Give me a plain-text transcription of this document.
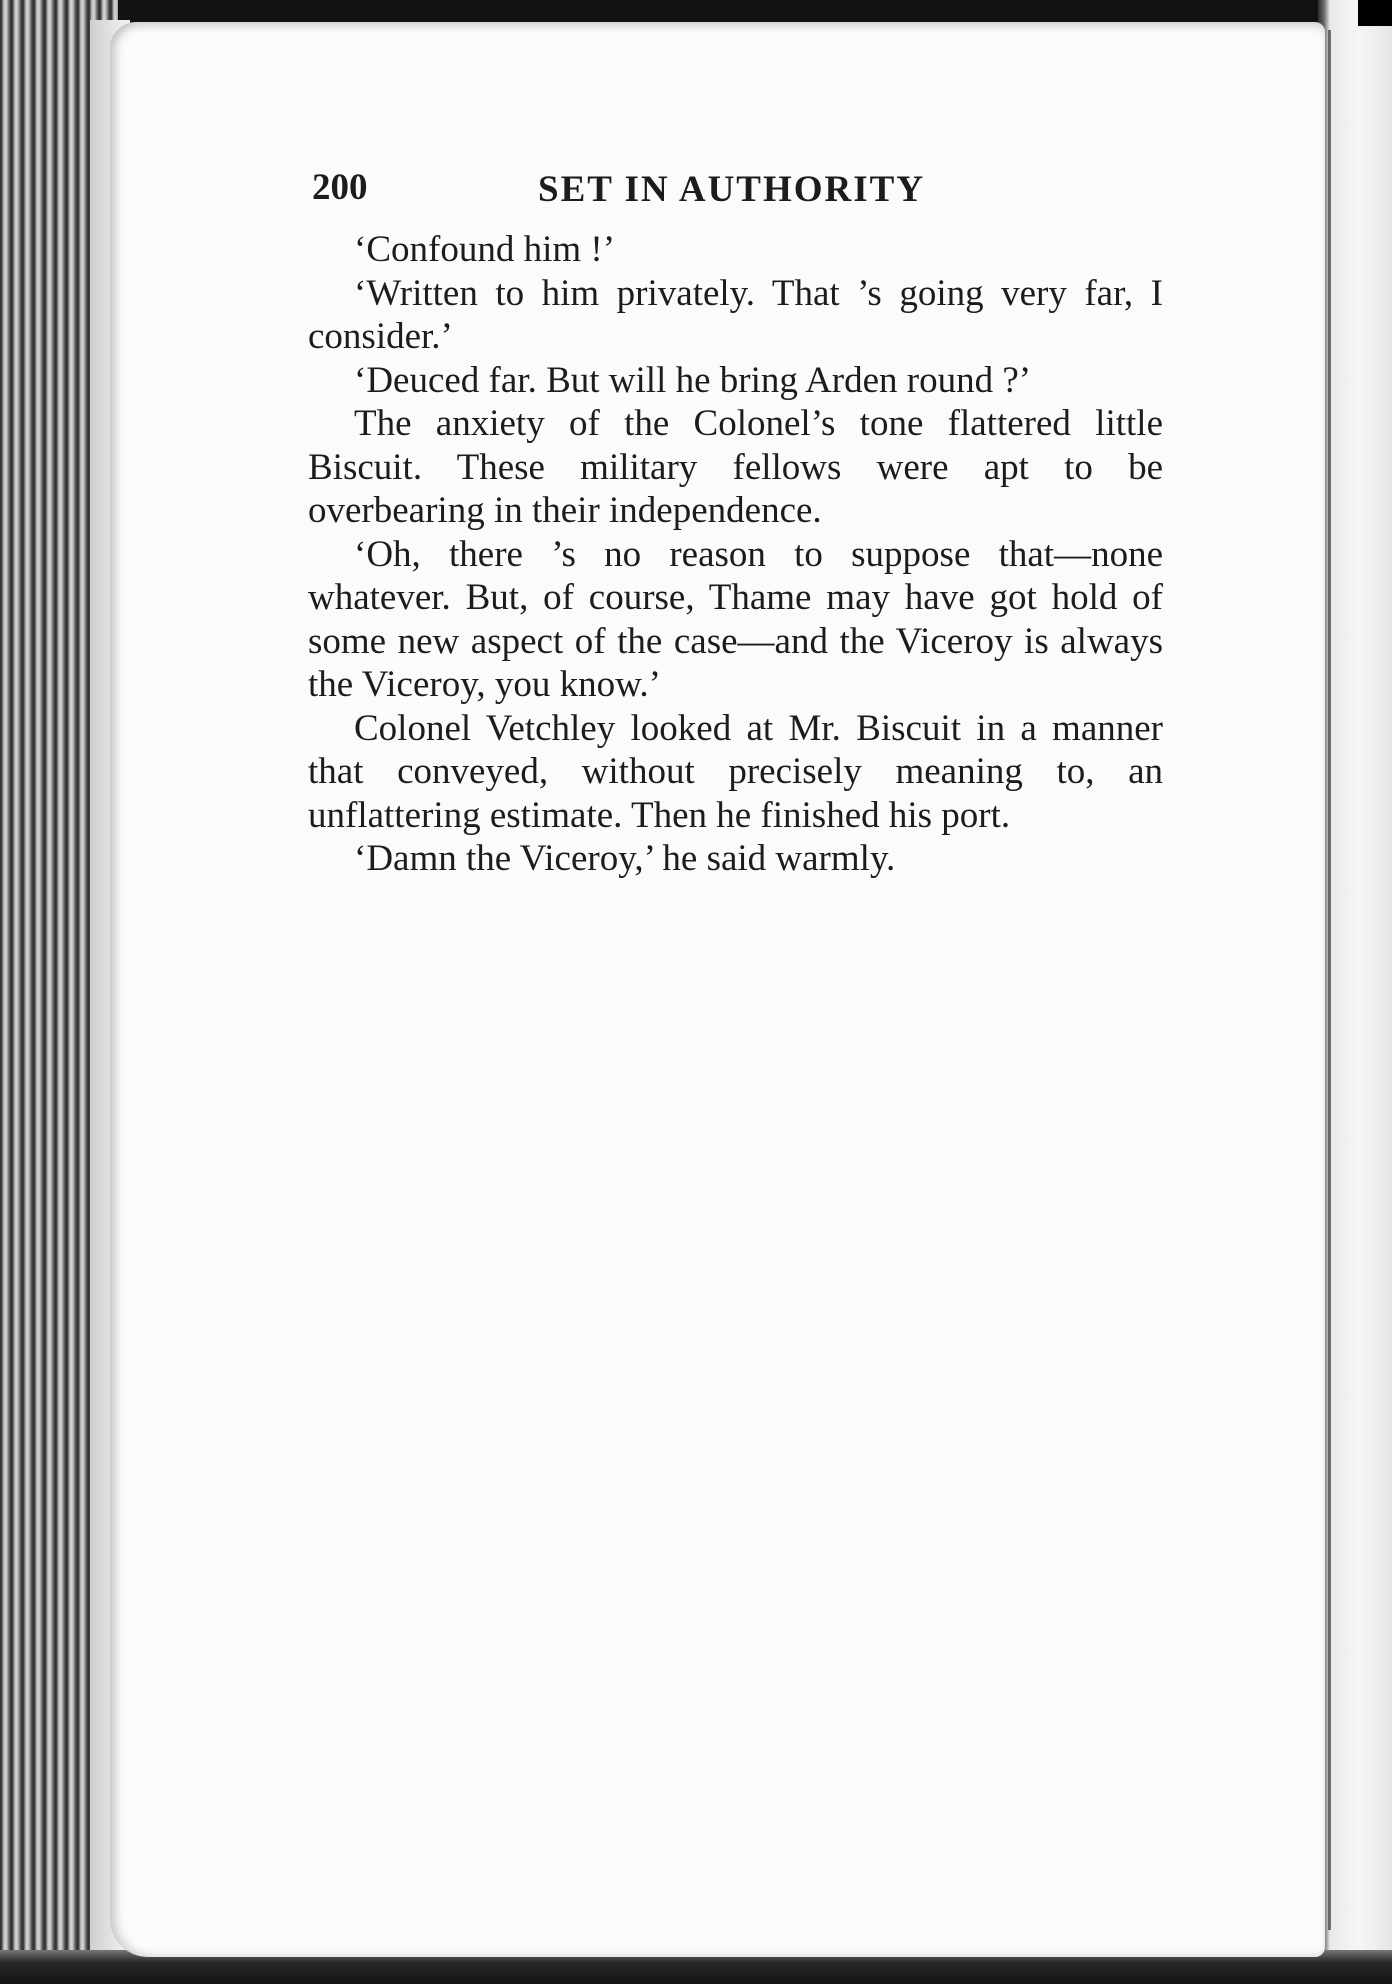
200	SET IN AUTHORITY

‘Confound him !’

‘Written to him privately. That ’s going very far, I consider.’

‘Deuced far. But will he bring Arden round ?’

The anxiety of the Colonel’s tone flattered little Biscuit. These military fellows were apt to be overbearing in their independence.

‘Oh, there ’s no reason to suppose that—none whatever. But, of course, Thame may have got hold of some new aspect of the case—and the Viceroy is always the Viceroy, you know.’

Colonel Vetchley looked at Mr. Biscuit in a manner that conveyed, without precisely meaning to, an unflattering estimate. Then he finished his port.

‘Damn the Viceroy,’ he said warmly.
